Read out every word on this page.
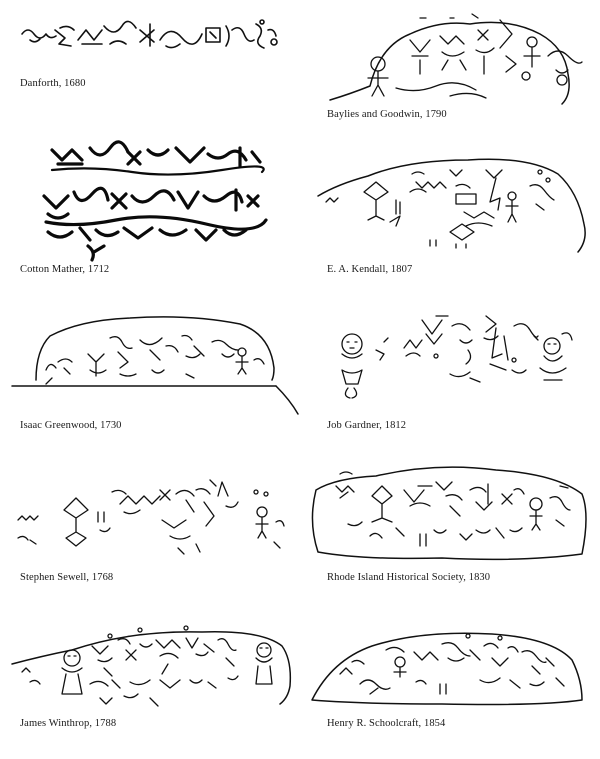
Danforth, 1680
Baylies and Goodwin, 1790
Cotton Mather, 1712	E. A. Kendall, 1807
Isaac Greenwood, 1730	Job Gardner, 1812
Stephen Sewell, 1768	Rhode Island Historical Society, 1830
James Winthrop, 1788	Henry R. Schoolcraft, 1854
